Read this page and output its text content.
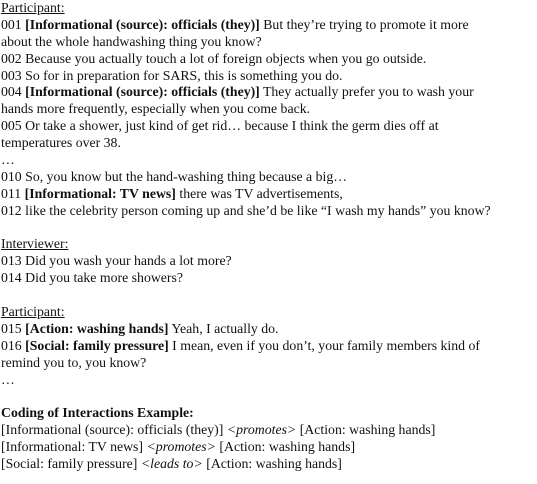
Participant:
001 [Informational (source): officials (they)] But they’re trying to promote it more
about the whole handwashing thing you know?
002 Because you actually touch a lot of foreign objects when you go outside.
003 So for in preparation for SARS, this is something you do.
004 [Informational (source): officials (they)] They actually prefer you to wash your
hands more frequently, especially when you come back.
005 Or take a shower, just kind of get rid… because I think the germ dies off at
temperatures over 38.
…
010 So, you know but the hand-washing thing because a big…
011 [Informational: TV news] there was TV advertisements,
012 like the celebrity person coming up and she’d be like “I wash my hands” you know?
Interviewer:
013 Did you wash your hands a lot more?
014 Did you take more showers?
Participant:
015 [Action: washing hands] Yeah, I actually do.
016 [Social: family pressure] I mean, even if you don’t, your family members kind of
remind you to, you know?
…
Coding of Interactions Example:
[Informational (source): officials (they)] <promotes> [Action: washing hands]
[Informational: TV news] <promotes> [Action: washing hands]
[Social: family pressure] <leads to> [Action: washing hands]
